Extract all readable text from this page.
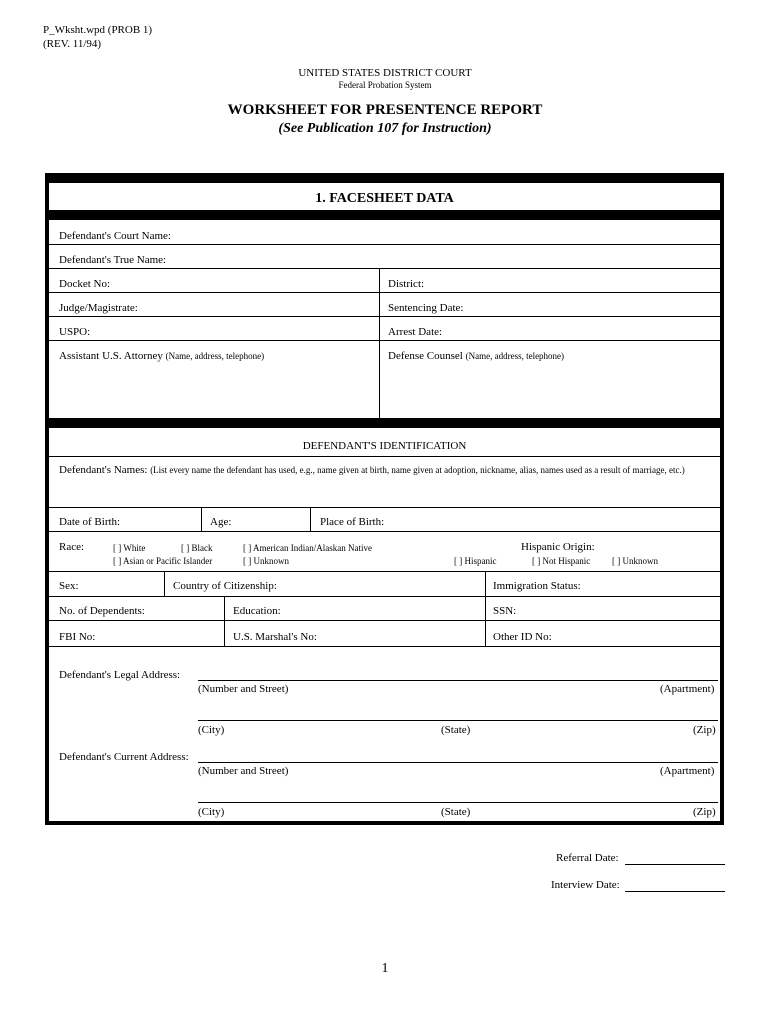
P_Wksht.wpd (PROB 1)
(REV. 11/94)
UNITED STATES DISTRICT COURT
Federal Probation System
WORKSHEET FOR PRESENTENCE REPORT
(See Publication 107 for Instruction)
1. FACESHEET DATA
Defendant's Court Name:
Defendant's True Name:
Docket No:	District:
Judge/Magistrate:	Sentencing Date:
USPO:	Arrest Date:
Assistant U.S. Attorney (Name, address, telephone)	Defense Counsel (Name, address, telephone)
DEFENDANT'S IDENTIFICATION
Defendant's Names: (List every name the defendant has used, e.g., name given at birth, name given at adoption, nickname, alias, names used as a result of marriage, etc.)
Date of Birth:	Age:	Place of Birth:
Race:	[ ] White	[ ] Black	[ ] American Indian/Alaskan Native
[ ] Asian or Pacific Islander	[ ] Unknown
Hispanic Origin:
[ ] Hispanic	[ ] Not Hispanic [ ] Unknown
Sex:	Country of Citizenship:	Immigration Status:
No. of Dependents:	Education:	SSN:
FBI No:	U.S. Marshal's No:	Other ID No:
Defendant's Legal Address:
(Number and Street)	(Apartment)
(City)	(State)	(Zip)
Defendant's Current Address:
(Number and Street)	(Apartment)
(City)	(State)	(Zip)
Referral Date:
Interview Date:
1
